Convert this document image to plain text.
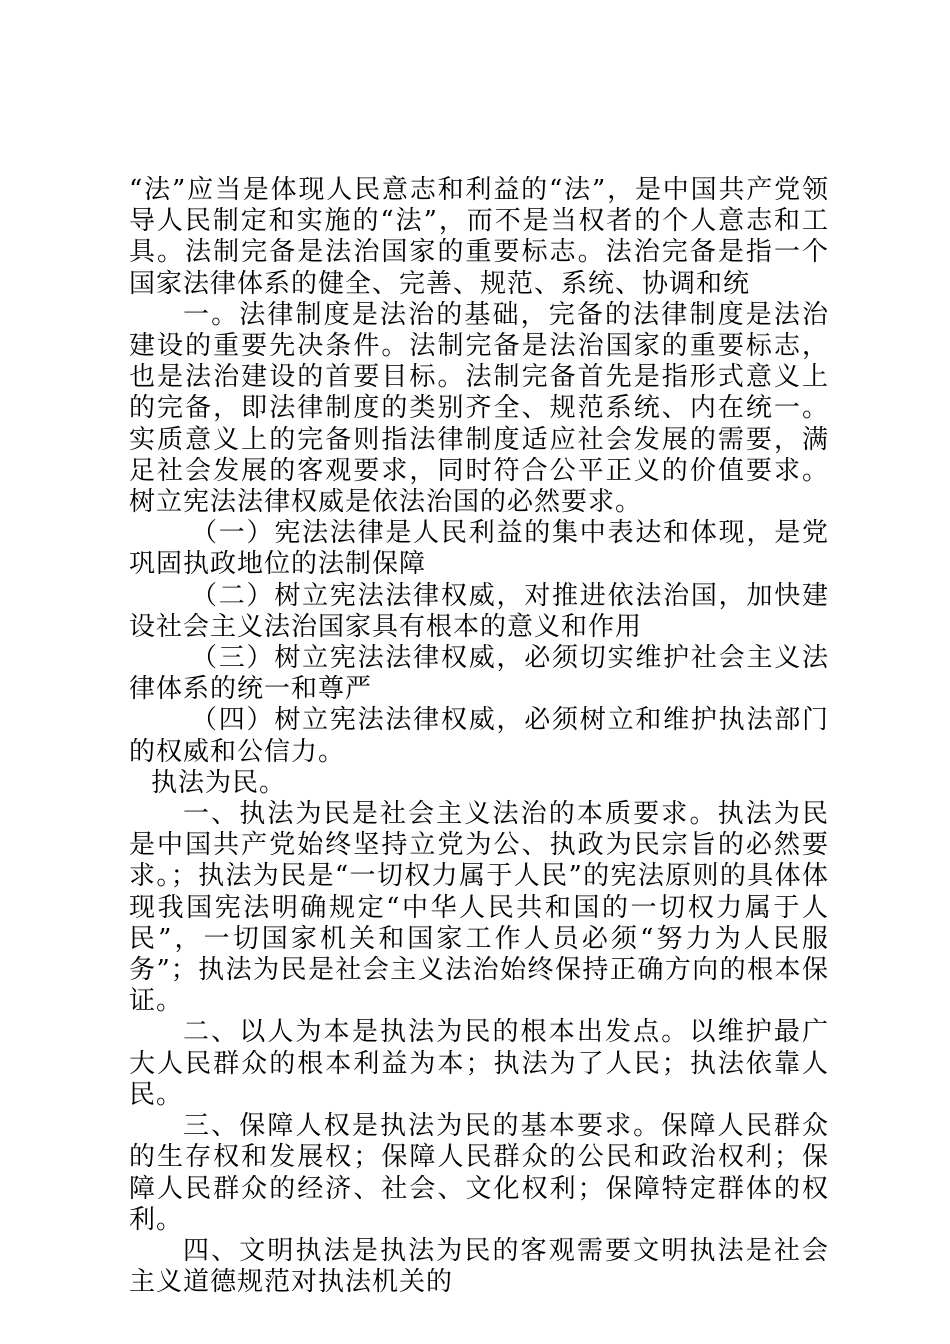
“法”应当是体现人民意志和利益的“法”，是中国共产党领导人民制定和实施的“法”，而不是当权者的个人意志和工具。法制完备是法治国家的重要标志。法治完备是指一个国家法律体系的健全、完善、规范、系统、协调和统

一。法律制度是法治的基础，完备的法律制度是法治建设的重要先决条件。法制完备是法治国家的重要标志，也是法治建设的首要目标。法制完备首先是指形式意义上的完备，即法律制度的类别齐全、规范系统、内在统一。实质意义上的完备则指法律制度适应社会发展的需要，满足社会发展的客观要求，同时符合公平正义的价值要求。树立宪法法律权威是依法治国的必然要求。

（一）宪法法律是人民利益的集中表达和体现，是党巩固执政地位的法制保障

（二）树立宪法法律权威，对推进依法治国，加快建设社会主义法治国家具有根本的意义和作用

（三）树立宪法法律权威，必须切实维护社会主义法律体系的统一和尊严

（四）树立宪法法律权威，必须树立和维护执法部门的权威和公信力。

执法为民。

一、执法为民是社会主义法治的本质要求。执法为民是中国共产党始终坚持立党为公、执政为民宗旨的必然要求。；执法为民是“一切权力属于人民”的宪法原则的具体体现我国宪法明确规定“中华人民共和国的一切权力属于人民”，一切国家机关和国家工作人员必须“努力为人民服务”；执法为民是社会主义法治始终保持正确方向的根本保证。

二、以人为本是执法为民的根本出发点。以维护最广大人民群众的根本利益为本；执法为了人民；执法依靠人民。

三、保障人权是执法为民的基本要求。保障人民群众的生存权和发展权；保障人民群众的公民和政治权利；保障人民群众的经济、社会、文化权利；保障特定群体的权利。

四、文明执法是执法为民的客观需要文明执法是社会主义道德规范对执法机关的
